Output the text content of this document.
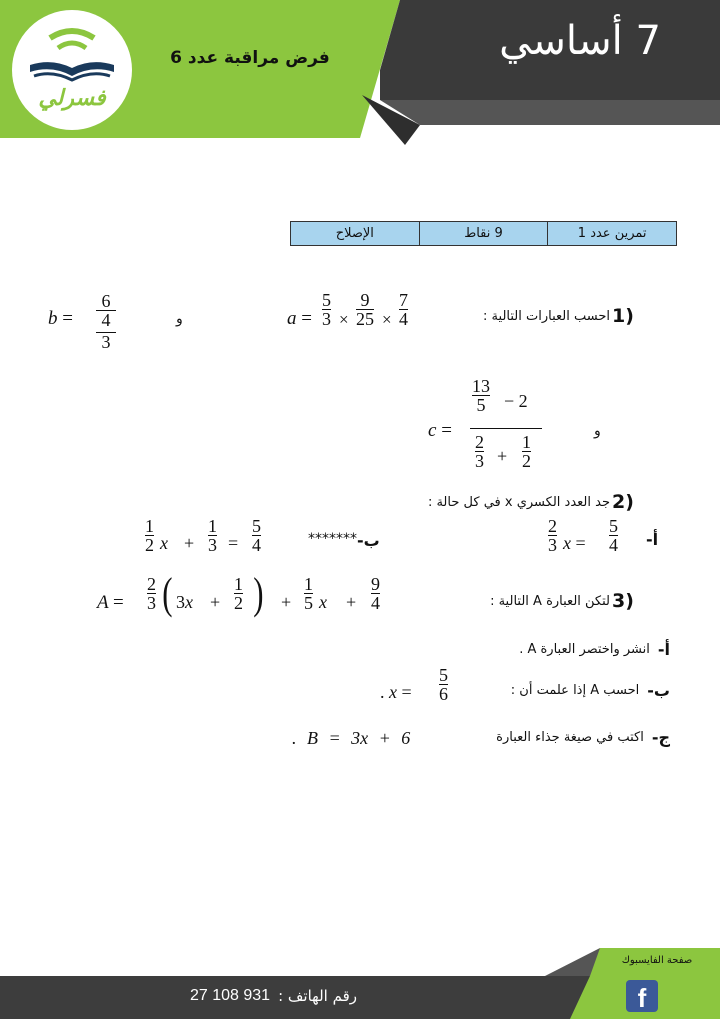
فسرلي
فرض مراقبة عدد 6	7 أساسي
تمرين عدد 1
9 نقاط
الإصلاح
1)
احسب العبارات التالية :
a =
5
3 ×
9
25 ×
7
4
و
b =
6
4
3
c =
13
5 − 2
2
3 +
1
2
و
2)
جد العدد الكسري x في كل حالة :
أ-
2
3 x =
5
4
ب-
*******
1
2 x +
1
3 =
5
4
3)
لتكن العبارة A التالية :
A =
2
3 ( 3x +
1
2 ) +
1
5 x +
9
4
أ-
انشر واختصر العبارة A .
ب-
احسب A إذا علمت أن :
. x =
5
6
ج-
اكتب في صيغة جذاء العبارة
B = 3x + 6 .
صفحة الفايسبوك
f
رقم الهاتف :
27 108 931
